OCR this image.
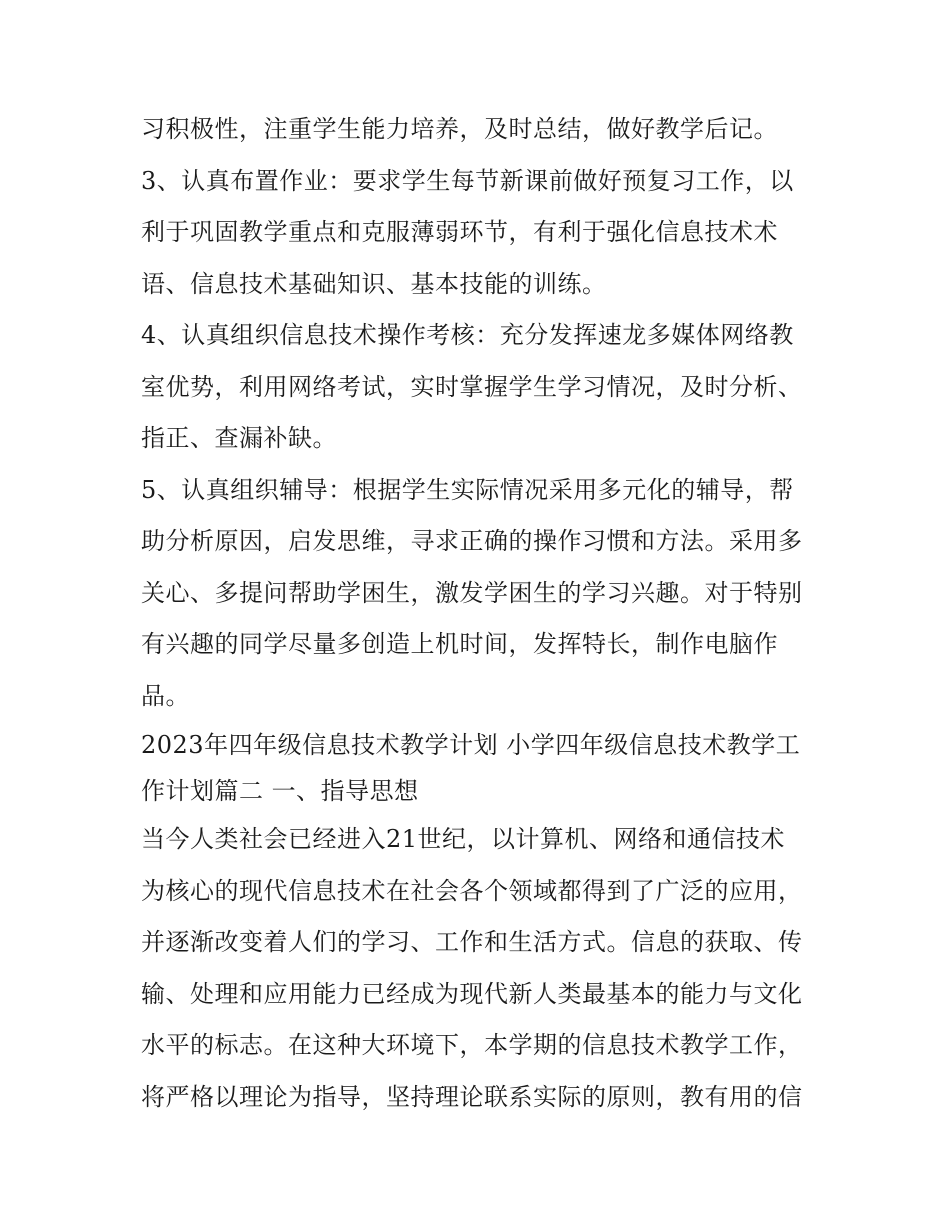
习积极性，注重学生能力培养，及时总结，做好教学后记。
3、认真布置作业：要求学生每节新课前做好预复习工作，以
利于巩固教学重点和克服薄弱环节，有利于强化信息技术术
语、信息技术基础知识、基本技能的训练。
4、认真组织信息技术操作考核：充分发挥速龙多媒体网络教
室优势，利用网络考试，实时掌握学生学习情况，及时分析、
指正、查漏补缺。
5、认真组织辅导：根据学生实际情况采用多元化的辅导，帮
助分析原因，启发思维，寻求正确的操作习惯和方法。采用多
关心、多提问帮助学困生，激发学困生的学习兴趣。对于特别
有兴趣的同学尽量多创造上机时间，发挥特长，制作电脑作
品。
2023年四年级信息技术教学计划 小学四年级信息技术教学工
作计划篇二 一、指导思想
当今人类社会已经进入21世纪，以计算机、网络和通信技术
为核心的现代信息技术在社会各个领域都得到了广泛的应用，
并逐渐改变着人们的学习、工作和生活方式。信息的获取、传
输、处理和应用能力已经成为现代新人类最基本的能力与文化
水平的标志。在这种大环境下，本学期的信息技术教学工作，
将严格以理论为指导，坚持理论联系实际的原则，教有用的信
